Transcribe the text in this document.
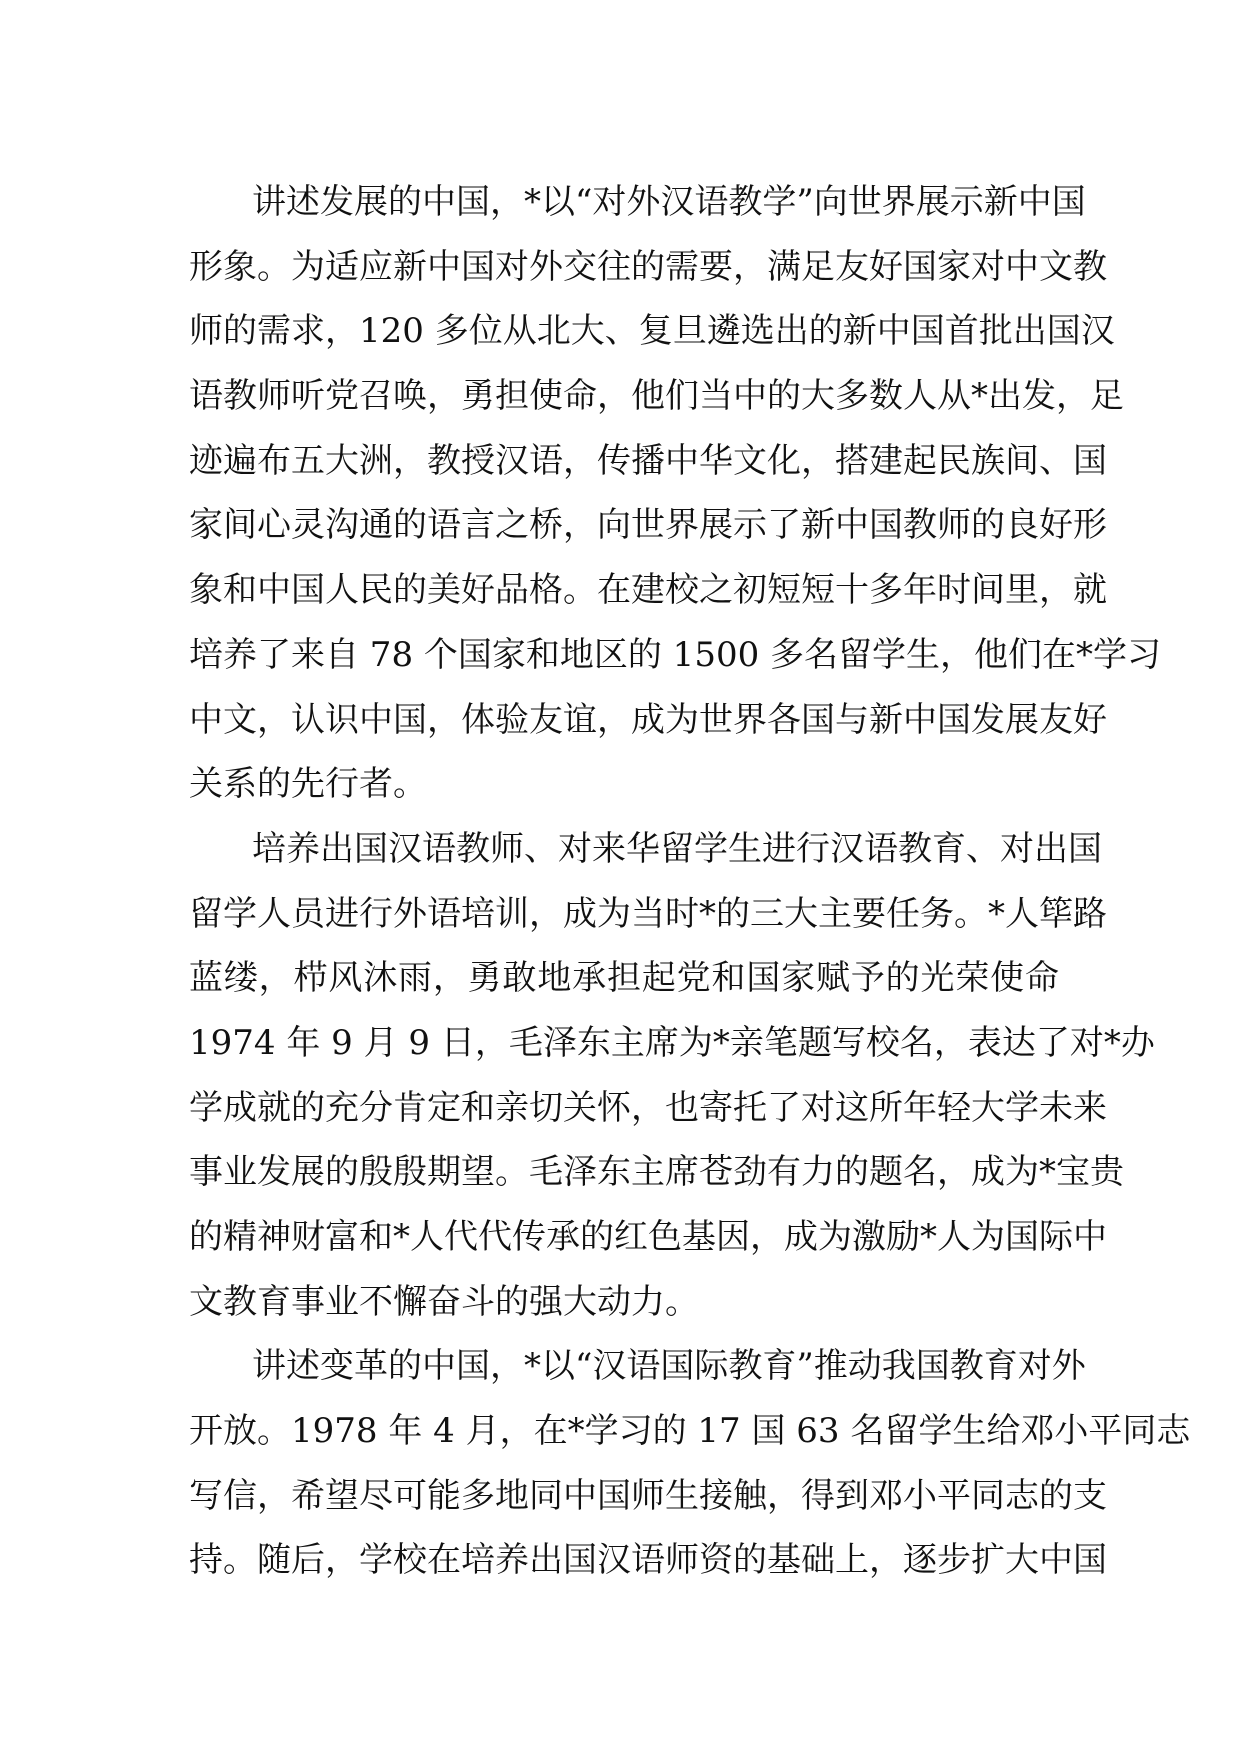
讲述发展的中国，*以“对外汉语教学”向世界展示新中国
形象。为适应新中国对外交往的需要，满足友好国家对中文教
师的需求，120 多位从北大、复旦遴选出的新中国首批出国汉
语教师听党召唤，勇担使命，他们当中的大多数人从*出发，足
迹遍布五大洲，教授汉语，传播中华文化，搭建起民族间、国
家间心灵沟通的语言之桥，向世界展示了新中国教师的良好形
象和中国人民的美好品格。在建校之初短短十多年时间里，就
培养了来自 78 个国家和地区的 1500 多名留学生，他们在*学习
中文，认识中国，体验友谊，成为世界各国与新中国发展友好
关系的先行者。
培养出国汉语教师、对来华留学生进行汉语教育、对出国
留学人员进行外语培训，成为当时*的三大主要任务。*人筚路
蓝缕，栉风沐雨，勇敢地承担起党和国家赋予的光荣使命
1974 年 9 月 9 日，毛泽东主席为*亲笔题写校名，表达了对*办
学成就的充分肯定和亲切关怀，也寄托了对这所年轻大学未来
事业发展的殷殷期望。毛泽东主席苍劲有力的题名，成为*宝贵
的精神财富和*人代代传承的红色基因，成为激励*人为国际中
文教育事业不懈奋斗的强大动力。
讲述变革的中国，*以“汉语国际教育”推动我国教育对外
开放。1978 年 4 月，在*学习的 17 国 63 名留学生给邓小平同志
写信，希望尽可能多地同中国师生接触，得到邓小平同志的支
持。随后，学校在培养出国汉语师资的基础上，逐步扩大中国
